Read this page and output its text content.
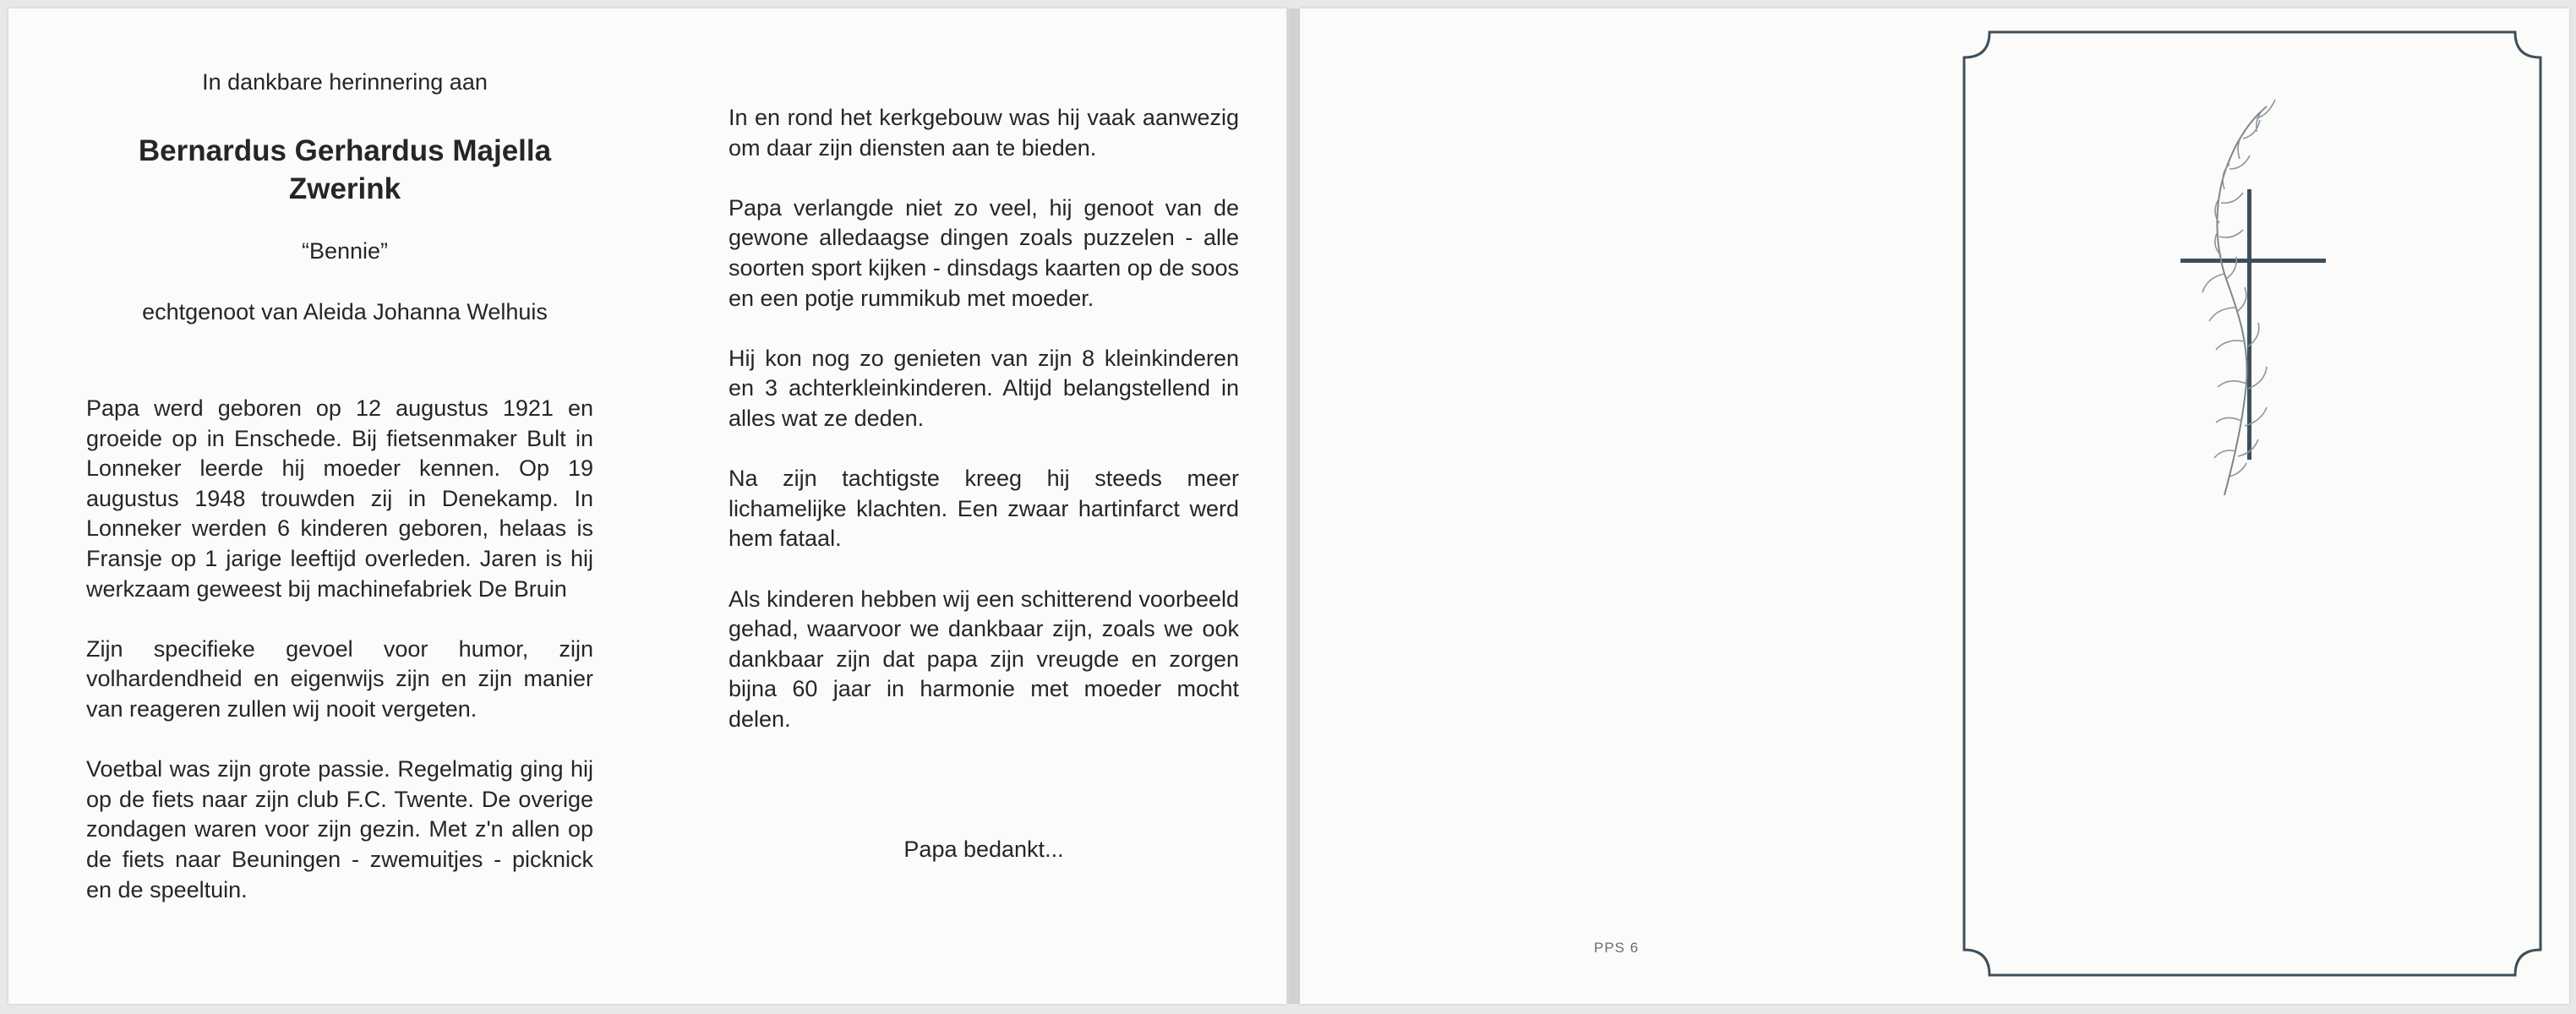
In dankbare herinnering aan
Bernardus Gerhardus Majella
Zwerink
“Bennie”
echtgenoot van Aleida Johanna Welhuis

Papa werd geboren op 12 augustus 1921 en groeide op in Enschede. Bij fietsenmaker Bult in Lonneker leerde hij moeder kennen. Op 19 augustus 1948 trouwden zij in Denekamp. In Lonneker werden 6 kinderen geboren, helaas is Fransje op 1 jarige leeftijd overleden. Jaren is hij werkzaam geweest bij machinefabriek De Bruin

Zijn specifieke gevoel voor humor, zijn volhardendheid en eigenwijs zijn en zijn manier van reageren zullen wij nooit vergeten.

Voetbal was zijn grote passie. Regelmatig ging hij op de fiets naar zijn club F.C. Twente. De overige zondagen waren voor zijn gezin. Met z'n allen op de fiets naar Beuningen - zwemuitjes - picknick en de speeltuin.

In en rond het kerkgebouw was hij vaak aanwezig om daar zijn diensten aan te bieden.

Papa verlangde niet zo veel, hij genoot van de gewone alledaagse dingen zoals puzzelen - alle soorten sport kijken - dinsdags kaarten op de soos en een potje rummikub met moeder.

Hij kon nog zo genieten van zijn 8 kleinkinderen en 3 achterkleinkinderen. Altijd belangstellend in alles wat ze deden.

Na zijn tachtigste kreeg hij steeds meer lichamelijke klachten. Een zwaar hartinfarct werd hem fataal.

Als kinderen hebben wij een schitterend voorbeeld gehad, waarvoor we dankbaar zijn, zoals we ook dankbaar zijn dat papa zijn vreugde en zorgen bijna 60 jaar in harmonie met moeder mocht delen.

Papa bedankt...
PPS 6
